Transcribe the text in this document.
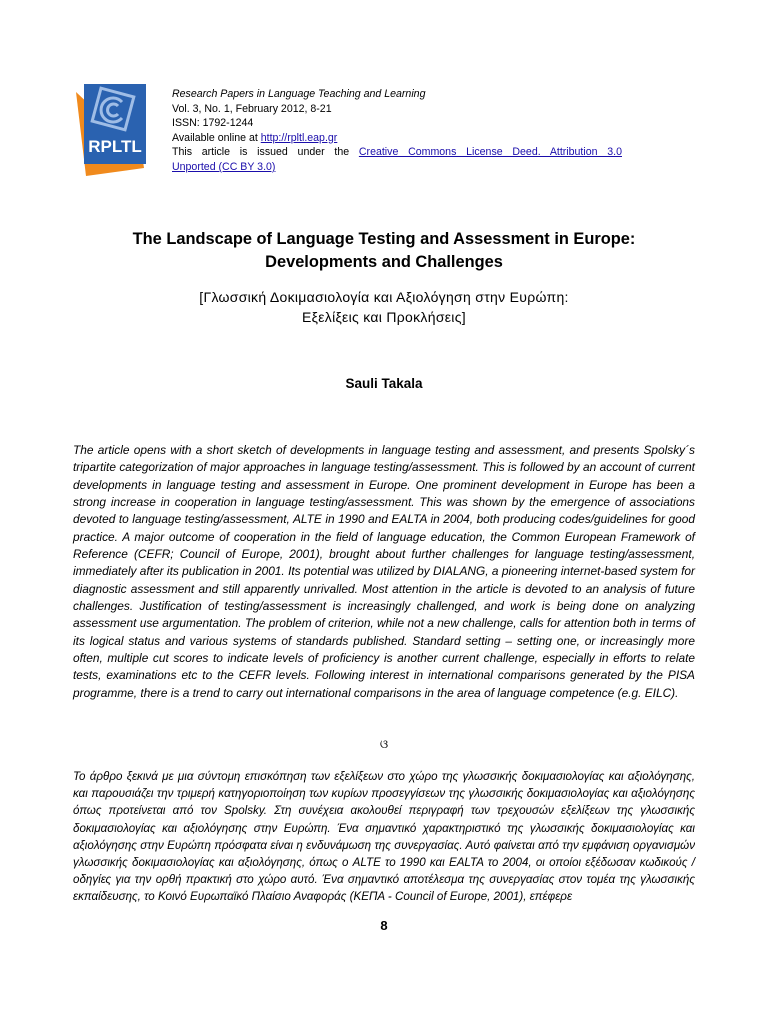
RPLTL
Research Papers in Language Teaching and Learning
Vol. 3, No. 1, February 2012, 8-21
ISSN: 1792-1244
Available online at http://rpltl.eap.gr
This article is issued under the Creative Commons License Deed. Attribution 3.0
Unported (CC BY 3.0)
The Landscape of Language Testing and Assessment in Europe:
Developments and Challenges
[Γλωσσική Δοκιμασιολογία και Αξιολόγηση στην Ευρώπη:
Εξελίξεις και Προκλήσεις]
Sauli Takala

The article opens with a short sketch of developments in language testing and assessment, and presents Spolsky´s tripartite categorization of major approaches in language testing/assessment. This is followed by an account of current developments in language testing and assessment in Europe. One prominent development in Europe has been a strong increase in cooperation in language testing/assessment. This was shown by the emergence of associations devoted to language testing/assessment, ALTE in 1990 and EALTA in 2004, both producing codes/guidelines for good practice. A major outcome of cooperation in the field of language education, the Common European Framework of Reference (CEFR; Council of Europe, 2001), brought about further challenges for language testing/assessment, immediately after its publication in 2001. Its potential was utilized by DIALANG, a pioneering internet-based system for diagnostic assessment and still apparently unrivalled. Most attention in the article is devoted to an analysis of future challenges. Justification of testing/assessment is increasingly challenged, and work is being done on analyzing assessment use argumentation. The problem of criterion, while not a new challenge, calls for attention both in terms of its logical status and various systems of standards published. Standard setting – setting one, or increasingly more often, multiple cut scores to indicate levels of proficiency is another current challenge, especially in efforts to relate tests, examinations etc to the CEFR levels. Following interest in international comparisons generated by the PISA programme, there is a trend to carry out international comparisons in the area of language competence (e.g. EILC).

ଓ

Το άρθρο ξεκινά με μια σύντομη επισκόπηση των εξελίξεων στο χώρο της γλωσσικής δοκιμασιολογίας και αξιολόγησης, και παρουσιάζει την τριμερή κατηγοριοποίηση των κυρίων προσεγγίσεων της γλωσσικής δοκιμασιολογίας και αξιολόγησης όπως προτείνεται από τον Spolsky. Στη συνέχεια ακολουθεί περιγραφή των τρεχουσών εξελίξεων της γλωσσικής δοκιμασιολογίας και αξιολόγησης στην Ευρώπη. Ένα σημαντικό χαρακτηριστικό της γλωσσικής δοκιμασιολογίας και αξιολόγησης στην Ευρώπη πρόσφατα είναι η ενδυνάμωση της συνεργασίας. Αυτό φαίνεται από την εμφάνιση οργανισμών γλωσσικής δοκιμασιολογίας και αξιολόγησης, όπως ο ALTE το 1990 και EALTA το 2004, οι οποίοι εξέδωσαν κωδικούς / οδηγίες για την ορθή πρακτική στο χώρο αυτό. Ένα σημαντικό αποτέλεσμα της συνεργασίας στον τομέα της γλωσσικής εκπαίδευσης, το Κοινό Ευρωπαϊκό Πλαίσιο Αναφοράς (ΚΕΠΑ - Council of Europe, 2001), επέφερε

8
